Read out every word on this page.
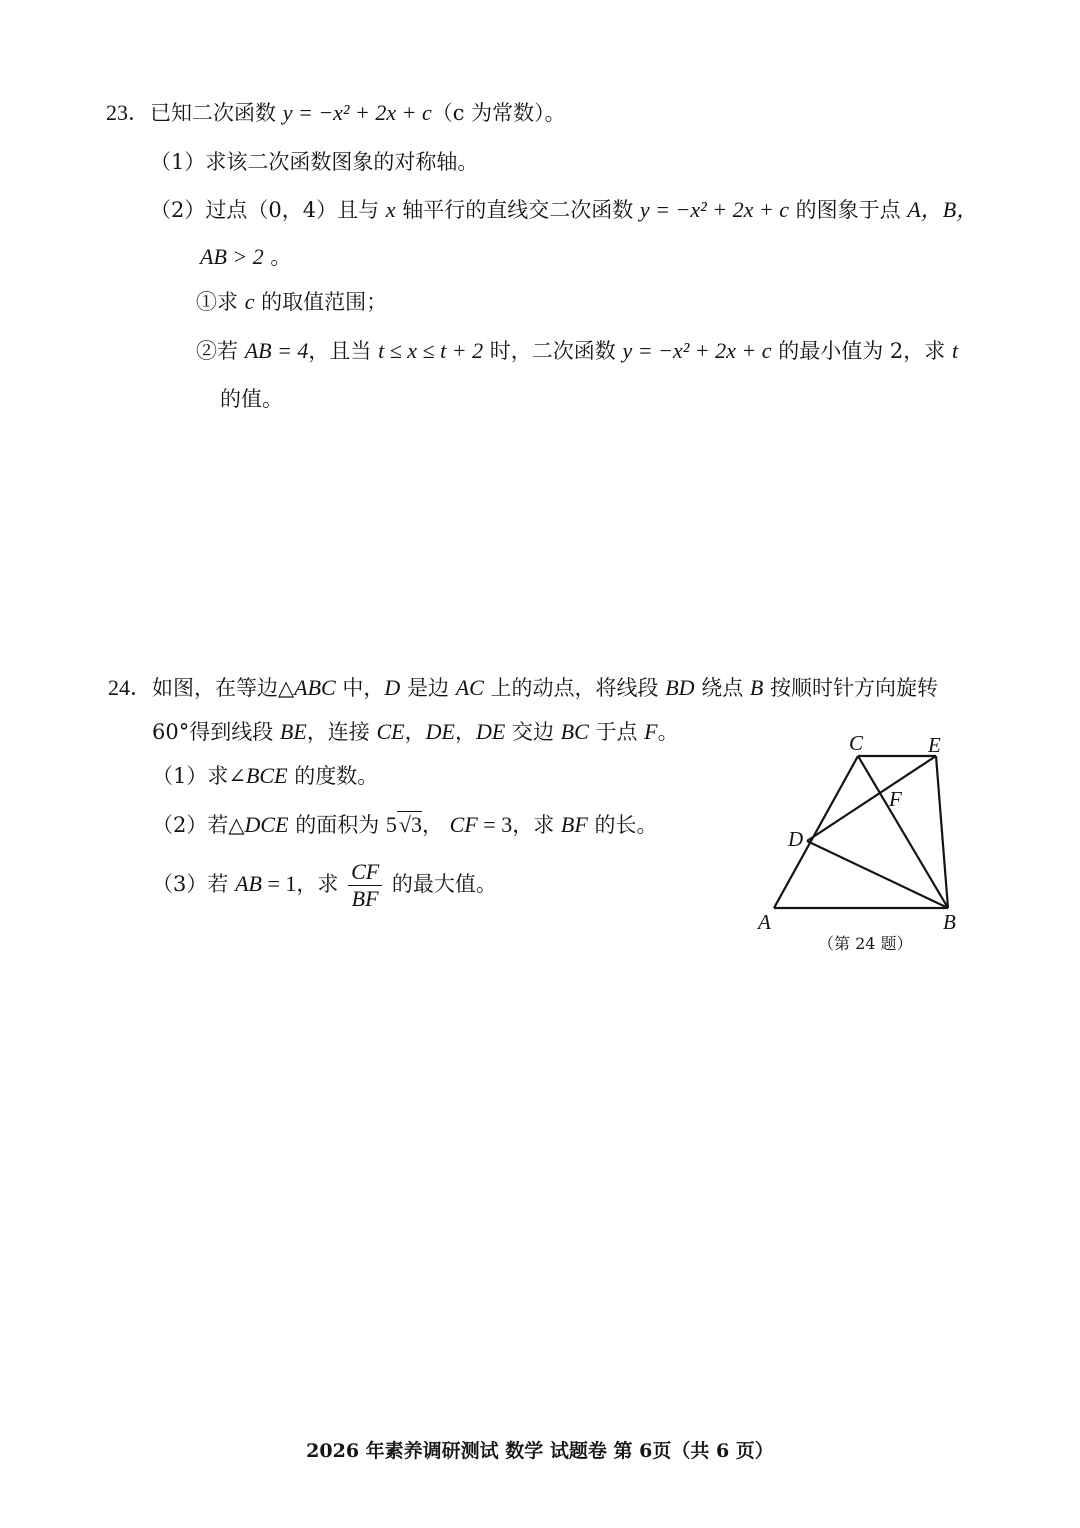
23．已知二次函数 y = −x² + 2x + c（c 为常数）。
（1）求该二次函数图象的对称轴。
（2）过点（0，4）且与 x 轴平行的直线交二次函数 y = −x² + 2x + c 的图象于点 A，B，
AB > 2 。
①求 c 的取值范围；
②若 AB = 4，且当 t ≤ x ≤ t + 2 时，二次函数 y = −x² + 2x + c 的最小值为 2，求 t
的值。
24．如图，在等边△ABC 中，D 是边 AC 上的动点，将线段 BD 绕点 B 按顺时针方向旋转
60°得到线段 BE，连接 CE，DE，DE 交边 BC 于点 F。
（1）求∠BCE 的度数。
（2）若△DCE 的面积为 5√3， CF = 3，求 BF 的长。
（3）若 AB = 1，求 $\frac{CF}{BF}$ 的最大值。
C	E
F
D
A	B
（第 24 题）
2026 年素养调研测试 数学 试题卷 第 6页（共 6 页）
